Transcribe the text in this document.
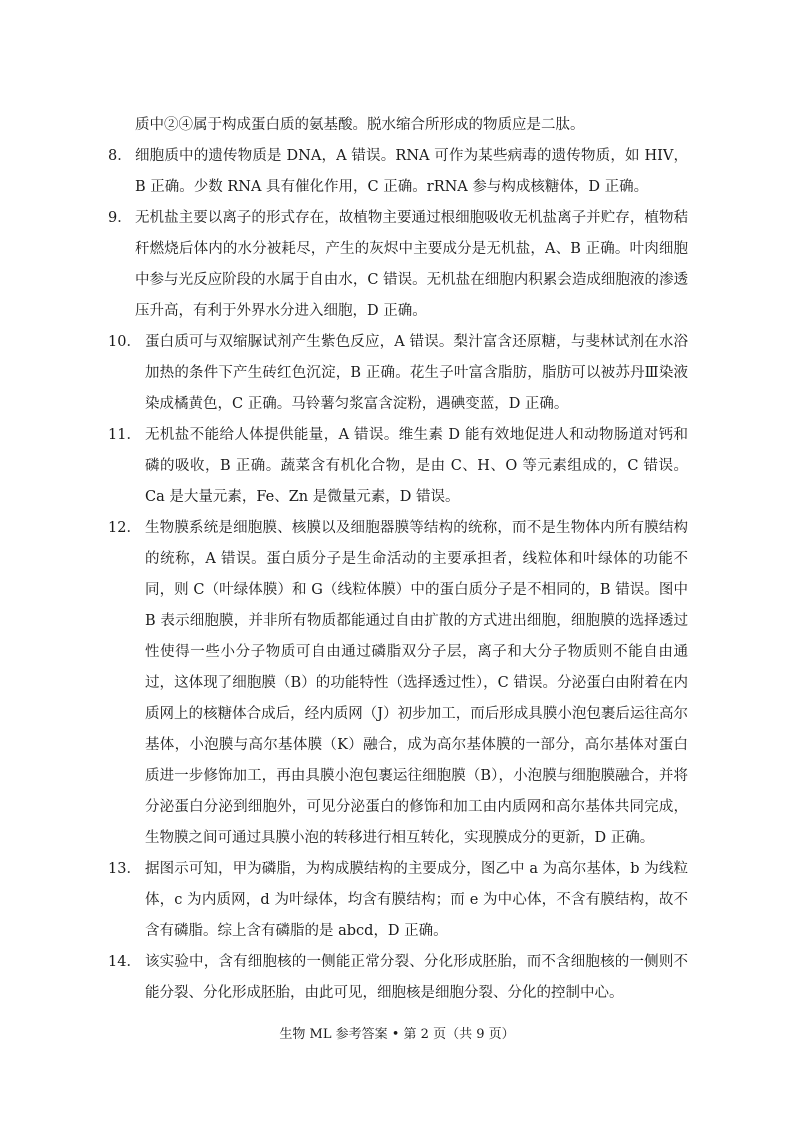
质中②④属于构成蛋白质的氨基酸。脱水缩合所形成的物质应是二肽。

8． 细胞质中的遗传物质是 DNA，A 错误。RNA 可作为某些病毒的遗传物质，如 HIV，B 正确。少数 RNA 具有催化作用，C 正确。rRNA 参与构成核糖体，D 正确。
9． 无机盐主要以离子的形式存在，故植物主要通过根细胞吸收无机盐离子并贮存，植物秸秆燃烧后体内的水分被耗尽，产生的灰烬中主要成分是无机盐，A、B 正确。叶肉细胞中参与光反应阶段的水属于自由水，C 错误。无机盐在细胞内积累会造成细胞液的渗透压升高，有利于外界水分进入细胞，D 正确。
10． 蛋白质可与双缩脲试剂产生紫色反应，A 错误。梨汁富含还原糖，与斐林试剂在水浴加热的条件下产生砖红色沉淀，B 正确。花生子叶富含脂肪，脂肪可以被苏丹Ⅲ染液染成橘黄色，C 正确。马铃薯匀浆富含淀粉，遇碘变蓝，D 正确。
11． 无机盐不能给人体提供能量，A 错误。维生素 D 能有效地促进人和动物肠道对钙和磷的吸收，B 正确。蔬菜含有机化合物，是由 C、H、O 等元素组成的，C 错误。Ca 是大量元素，Fe、Zn 是微量元素，D 错误。
12． 生物膜系统是细胞膜、核膜以及细胞器膜等结构的统称，而不是生物体内所有膜结构的统称，A 错误。蛋白质分子是生命活动的主要承担者，线粒体和叶绿体的功能不同，则 C（叶绿体膜）和 G（线粒体膜）中的蛋白质分子是不相同的，B 错误。图中 B 表示细胞膜，并非所有物质都能通过自由扩散的方式进出细胞，细胞膜的选择透过性使得一些小分子物质可自由通过磷脂双分子层，离子和大分子物质则不能自由通过，这体现了细胞膜（B）的功能特性（选择透过性），C 错误。分泌蛋白由附着在内质网上的核糖体合成后，经内质网（J）初步加工，而后形成具膜小泡包裹后运往高尔基体，小泡膜与高尔基体膜（K）融合，成为高尔基体膜的一部分，高尔基体对蛋白质进一步修饰加工，再由具膜小泡包裹运往细胞膜（B），小泡膜与细胞膜融合，并将分泌蛋白分泌到细胞外，可见分泌蛋白的修饰和加工由内质网和高尔基体共同完成，生物膜之间可通过具膜小泡的转移进行相互转化，实现膜成分的更新，D 正确。
13． 据图示可知，甲为磷脂，为构成膜结构的主要成分，图乙中 a 为高尔基体，b 为线粒体，c 为内质网，d 为叶绿体，均含有膜结构；而 e 为中心体，不含有膜结构，故不含有磷脂。综上含有磷脂的是 abcd，D 正确。
14． 该实验中，含有细胞核的一侧能正常分裂、分化形成胚胎，而不含细胞核的一侧则不能分裂、分化形成胚胎，由此可见，细胞核是细胞分裂、分化的控制中心。
生物 ML 参考答案 • 第 2 页（共 9 页）
